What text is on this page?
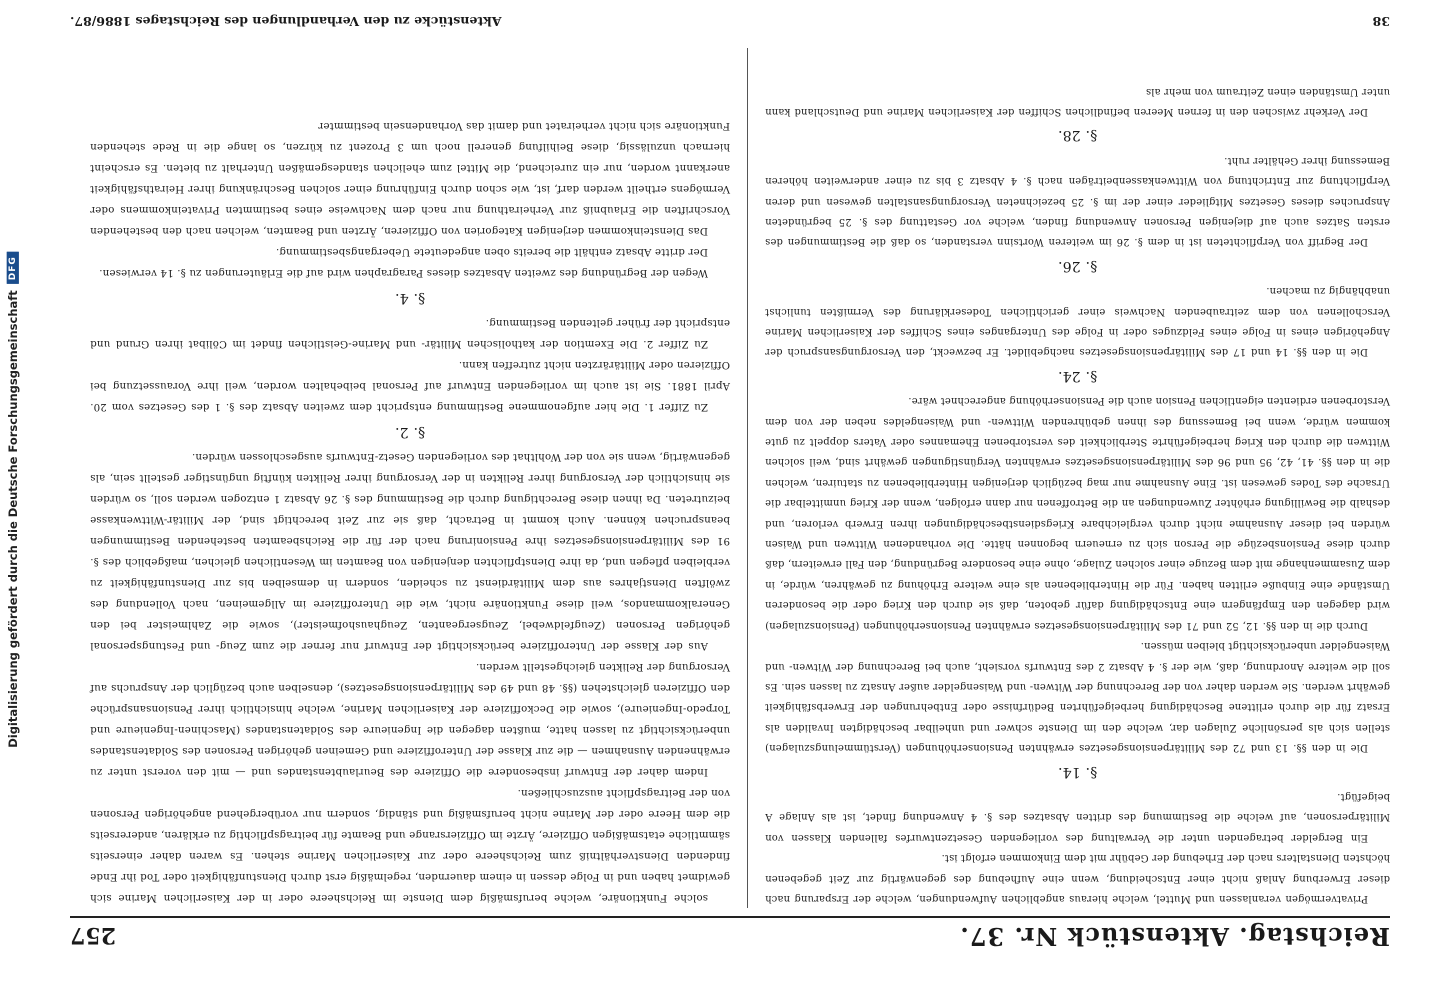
Digitalisierung gefördert durch die Deutsche Forschungsgemeinschaft
DFG
Reichstag. Aktenstück Nr. 37.
257

Privatvermögen veranlassen und Muttel, welche hieraus angeblichen Aufwendungen, welche der Ersparung nach dieser Erwerbung Anlaß nicht einer Entscheidung, wenn eine Aufhebung des gegenwärtig zur Zeit gegebenen höchsten Dienstalters nach der Erhebung der Gebühr mit dem Einkommen erfolgt ist.

Ein Bergelder betragenden unter die Verwaltung des vorliegenden Gesetzentwurfes fallenden Klassen von Militärpersonen, auf welche die Bestimmung des dritten Absatzes des §. 4 Anwendung findet, ist als Anlage A beigefügt.

§. 14.

Die in den §§. 13 und 72 des Militärpensionsgesetzes erwähnten Pensionserhöhungen (Verstümmelungszulagen) stellen sich als persönliche Zulagen dar, welche den im Dienste schwer und unheilbar beschädigten Invaliden als Ersatz für die durch erlittene Beschädigung herbeigeführten Bedürfnisse oder Entbehrungen der Erwerbsfähigkeit gewährt werden. Sie werden daher von der Berechnung der Witwen- und Waisengelder außer Ansatz zu lassen sein. Es soll die weitere Anordnung, daß, wie der §. 4 Absatz 2 des Entwurfs vorsieht, auch bei Berechnung der Witwen- und Waisengelder unberücksichtigt bleiben müssen.

Durch die in den §§. 12, 52 und 71 des Militärpensionsgesetzes erwähnten Pensionserhöhungen (Pensionszulagen) wird dagegen den Empfängern eine Entschädigung dafür geboten, daß sie durch den Krieg oder die besonderen Umstände eine Einbuße erlitten haben. Für die Hinterbliebenen als eine weitere Erhöhung zu gewähren, würde, in dem Zusammenhange mit dem Bezuge einer solchen Zulage, ohne eine besondere Begründung, den Fall erweitern, daß durch diese Pensionsbezüge die Person sich zu erneuern begonnen hätte. Die vorhandenen Wittwen und Waisen würden bei dieser Ausnahme nicht durch vergleichbare Kriegsdienstbeschädigungen ihren Erwerb verloren, und deshalb die Bewilligung erhöhter Zuwendungen an die Betroffenen nur dann erfolgen, wenn der Krieg unmittelbar die Ursache des Todes gewesen ist. Eine Ausnahme nur mag bezüglich derjenigen Hinterbliebenen zu statuiren, welchen die in den §§. 41, 42, 95 und 96 des Militärpensionsgesetzes erwähnten Vergünstigungen gewährt sind, weil solchen Wittwen die durch den Krieg herbeigeführte Sterblichkeit des verstorbenen Ehemannes oder Vaters doppelt zu gute kommen würde, wenn bei Bemessung des ihnen gebührenden Wittwen- und Waisengeldes neben der von dem Verstorbenen erdienten eigentlichen Pension auch die Pensionserhöhung angerechnet wäre.

§. 24.

Die in den §§. 14 und 17 des Militärpensionsgesetzes nachgebildet. Er bezweckt, den Versorgungsanspruch der Angehörigen eines in Folge eines Feldzuges oder in Folge des Unterganges eines Schiffes der Kaiserlichen Marine Verschollenen von dem zeitraubenden Nachweis einer gerichtlichen Todeserklärung des Vermißten tunlichst unabhängig zu machen.

§. 26.

Der Begriff von Verpflichteten ist in dem §. 26 im weiteren Wortsinn verstanden, so daß die Bestimmungen des ersten Satzes auch auf diejenigen Personen Anwendung finden, welche vor Gestattung des §. 25 begründeten Anspruches dieses Gesetzes Mitglieder einer der im §. 25 bezeichneten Versorgungsanstalten gewesen und deren Verpflichtung zur Entrichtung von Wittwenkassenbeiträgen nach §. 4 Absatz 3 bis zu einer anderweiten höheren Bemessung ihrer Gehälter ruht.

§. 28.

Der Verkehr zwischen den in fernen Meeren befindlichen Schiffen der Kaiserlichen Marine und Deutschland kann unter Umständen einen Zeitraum von mehr als

solche Funktionäre, welche berufsmäßig dem Dienste im Reichsheere oder in der Kaiserlichen Marine sich gewidmet haben und in Folge dessen in einem dauernden, regelmäßig erst durch Dienstunfähigkeit oder Tod ihr Ende findenden Dienstverhältniß zum Reichsheere oder zur Kaiserlichen Marine stehen. Es waren daher einerseits sämmtliche etatsmäßigen Offiziere, Ärzte im Offiziersrange und Beamte für beitragspflichtig zu erklären, andererseits die dem Heere oder der Marine nicht berufsmäßig und ständig, sondern nur vorübergehend angehörigen Personen von der Beitragspflicht auszuschließen.

Indem daher der Entwurf insbesondere die Offiziere des Beurlaubtenstandes und — mit den vorerst unter zu erwähnenden Ausnahmen — die zur Klasse der Unteroffiziere und Gemeinen gehörigen Personen des Soldatenstandes unberücksichtigt zu lassen hatte, mußten dagegen die Ingenieure des Soldatenstandes (Maschinen-Ingenieure und Torpedo-Ingenieure), sowie die Deckoffiziere der Kaiserlichen Marine, welche hinsichtlich ihrer Pensionsansprüche den Offizieren gleichstehen (§§. 48 und 49 des Militärpensionsgesetzes), denselben auch bezüglich der Anspruchs auf Versorgung der Relikten gleichgestellt werden.

Aus der Klasse der Unteroffiziere berücksichtigt der Entwurf nur ferner die zum Zeug- und Festungspersonal gehörigen Personen (Zeugfeldwebel, Zeugsergeanten, Zeughaushofmeister), sowie die Zahlmeister bei den Generalkommandos, weil diese Funktionäre nicht, wie die Unteroffiziere im Allgemeinen, nach Vollendung des zwölften Dienstjahres aus dem Militärdienst zu scheiden, sondern in demselben bis zur Dienstunfähigkeit zu verbleiben pflegen und, da ihre Dienstpflichten denjenigen von Beamten im Wesentlichen gleichen, maßgeblich des §. 91 des Militärpensionsgesetzes ihre Pensionirung nach der für die Reichsbeamten bestehenden Bestimmungen beanspruchen können. Auch kommt in Betracht, daß sie zur Zeit berechtigt sind, der Militär-Wittwenkasse beizutreten. Da ihnen diese Berechtigung durch die Bestimmung des §. 26 Absatz 1 entzogen werden soll, so würden sie hinsichtlich der Versorgung ihrer Relikten in der Versorgung ihrer Relikten künftig ungünstiger gestellt sein, als gegenwärtig, wenn sie von der Wohlthat des vorliegenden Gesetz-Entwurfs ausgeschlossen würden.

§. 2.

Zu Ziffer 1. Die hier aufgenommene Bestimmung entspricht dem zweiten Absatz des §. 1 des Gesetzes vom 20. April 1881. Sie ist auch im vorliegenden Entwurf auf Personal beibehalten worden, weil ihre Voraussetzung bei Offizieren oder Militärärzten nicht zutreffen kann.

Zu Ziffer 2. Die Exemtion der katholischen Militär- und Marine-Geistlichen findet im Cölibat ihren Grund und entspricht der früher geltenden Bestimmung.

§. 4.

Wegen der Begründung des zweiten Absatzes dieses Paragraphen wird auf die Erläuterungen zu §. 14 verwiesen.

Der dritte Absatz enthält die bereits oben angedeutete Uebergangsbestimmung.

Das Diensteinkommen derjenigen Kategorien von Offizieren, Ärzten und Beamten, welchen nach den bestehenden Vorschriften die Erlaubniß zur Verheirathung nur nach dem Nachweise eines bestimmten Privateinkommens oder Vermögens ertheilt werden darf, ist, wie schon durch Einführung einer solchen Beschränkung ihrer Heirathsfähigkeit anerkannt worden, nur ein zureichend, die Mittel zum ehelichen standesgemäßen Unterhalt zu bieten. Es erscheint hiernach unzulässig, diese Beihilfung generell noch um 3 Prozent zu kürzen, so lange die in Rede stehenden Funktionäre sich nicht verheiratet und damit das Vorhandensein bestimmter

38
Aktenstücke zu den Verhandlungen des Reichstages 1886/87.
